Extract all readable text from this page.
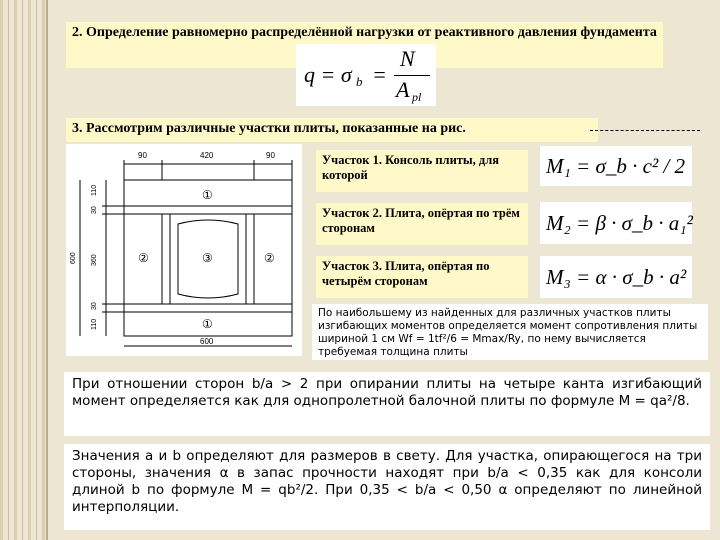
2. Определение равномерно распределённой нагрузки от реактивного давления фундамента
q = σ b =
N
A pl
3. Рассмотрим различные участки плиты, показанные на рис.
90	420	90
110
30
360
30
110
600
600
①
②	③	②
①
Участок 1. Консоль плиты, для которой
Участок 2. Плита, опёртая по трём сторонам
Участок 3. Плита, опёртая по четырём сторонам
M₁ = σ_b · c² / 2
M₂ = β · σ_b · a₁²
M₃ = α · σ_b · a²
По наибольшему из найденных для различных участков плиты изгибающих моментов определяется момент сопротивления плиты шириной 1 см Wf = 1tf²/6 = Mmax/Ry, по нему вычисляется требуемая толщина плиты
При отношении сторон b/a > 2 при опирании плиты на четыре канта изгибающий момент определяется как для однопролетной балочной плиты по формуле M = qa²/8.
Значения a и b определяют для размеров в свету. Для участка, опирающегося на три стороны, значения α в запас прочности находят при b/a < 0,35 как для консоли длиной b по формуле M = qb²/2. При 0,35 < b/a < 0,50 α определяют по линейной интерполяции.
